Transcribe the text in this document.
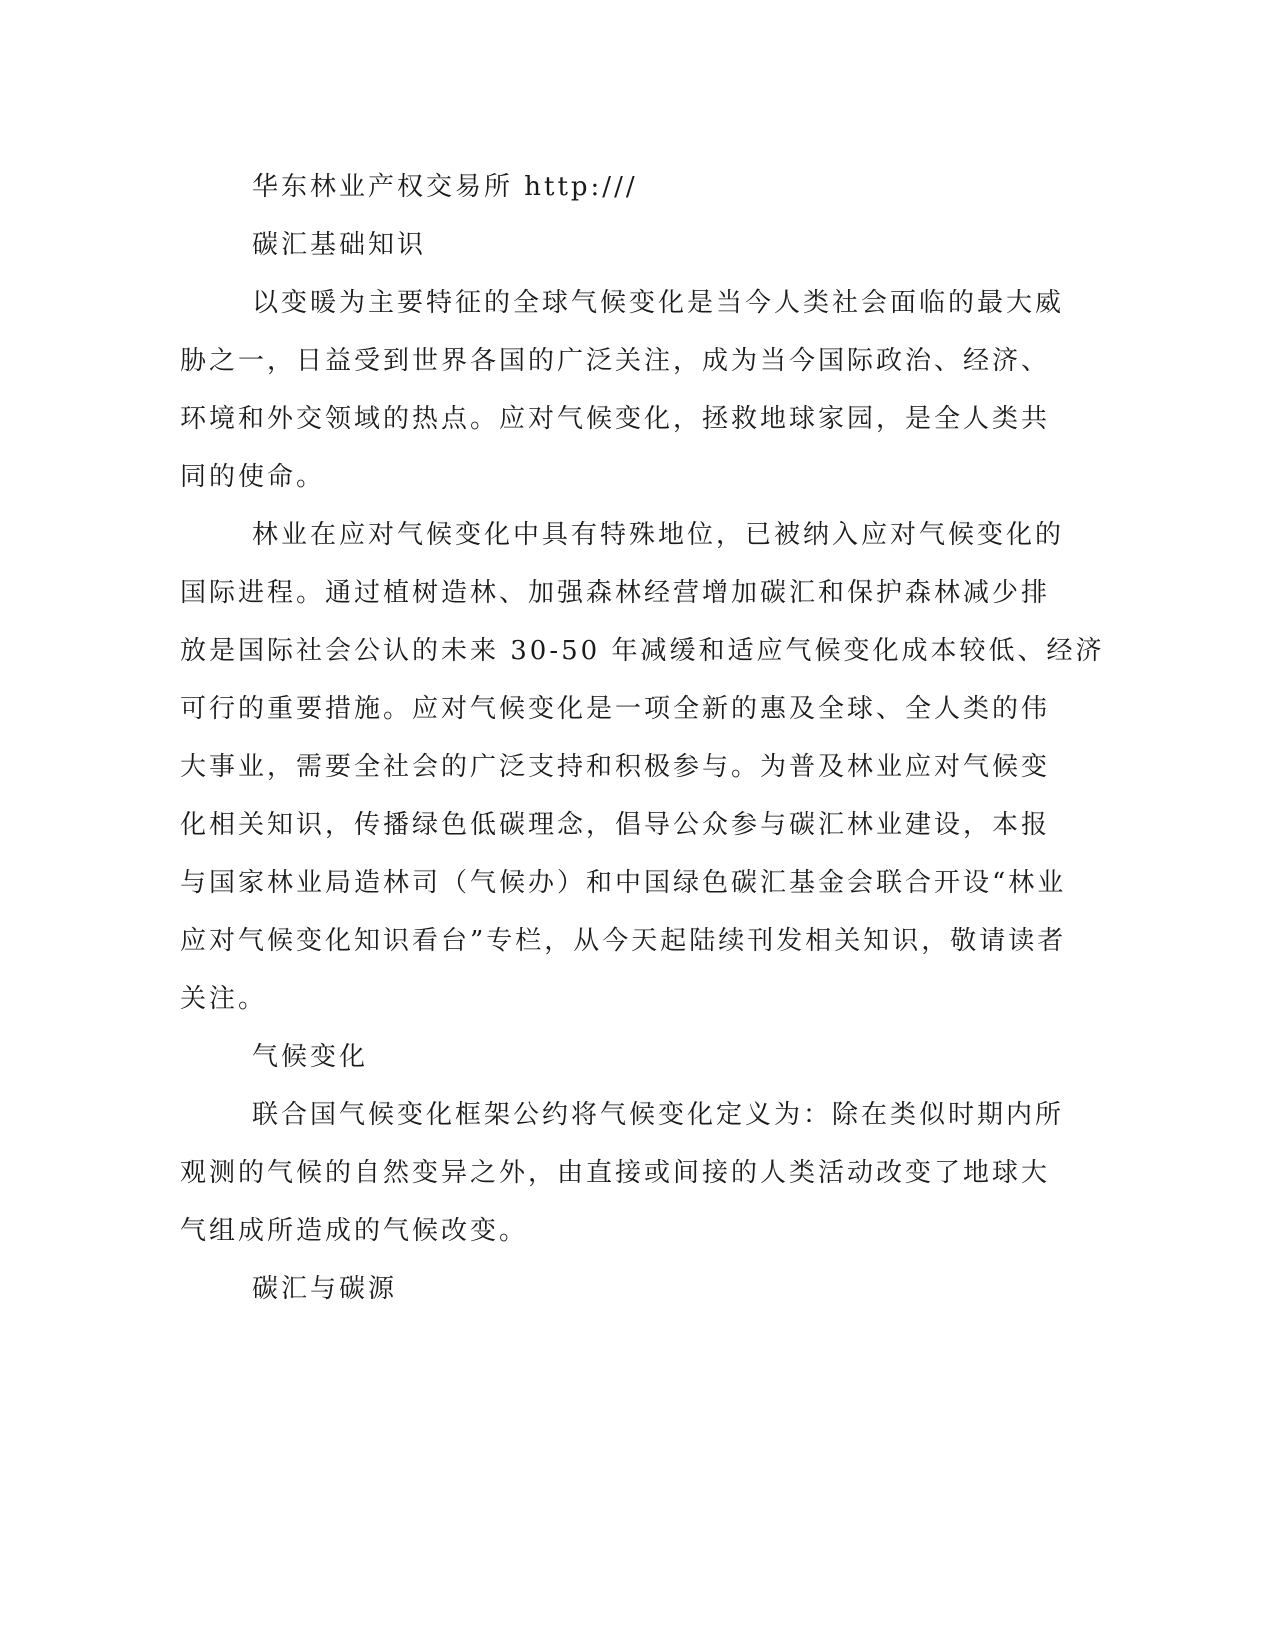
华东林业产权交易所 http:///
碳汇基础知识
以变暖为主要特征的全球气候变化是当今人类社会面临的最大威
胁之一，日益受到世界各国的广泛关注，成为当今国际政治、经济、
环境和外交领域的热点。应对气候变化，拯救地球家园，是全人类共
同的使命。
林业在应对气候变化中具有特殊地位，已被纳入应对气候变化的
国际进程。通过植树造林、加强森林经营增加碳汇和保护森林减少排
放是国际社会公认的未来 30-50 年减缓和适应气候变化成本较低、经济
可行的重要措施。应对气候变化是一项全新的惠及全球、全人类的伟
大事业，需要全社会的广泛支持和积极参与。为普及林业应对气候变
化相关知识，传播绿色低碳理念，倡导公众参与碳汇林业建设，本报
与国家林业局造林司（气候办）和中国绿色碳汇基金会联合开设“林业
应对气候变化知识看台”专栏，从今天起陆续刊发相关知识，敬请读者
关注。
气候变化
联合国气候变化框架公约将气候变化定义为：除在类似时期内所
观测的气候的自然变异之外，由直接或间接的人类活动改变了地球大
气组成所造成的气候改变。
碳汇与碳源
